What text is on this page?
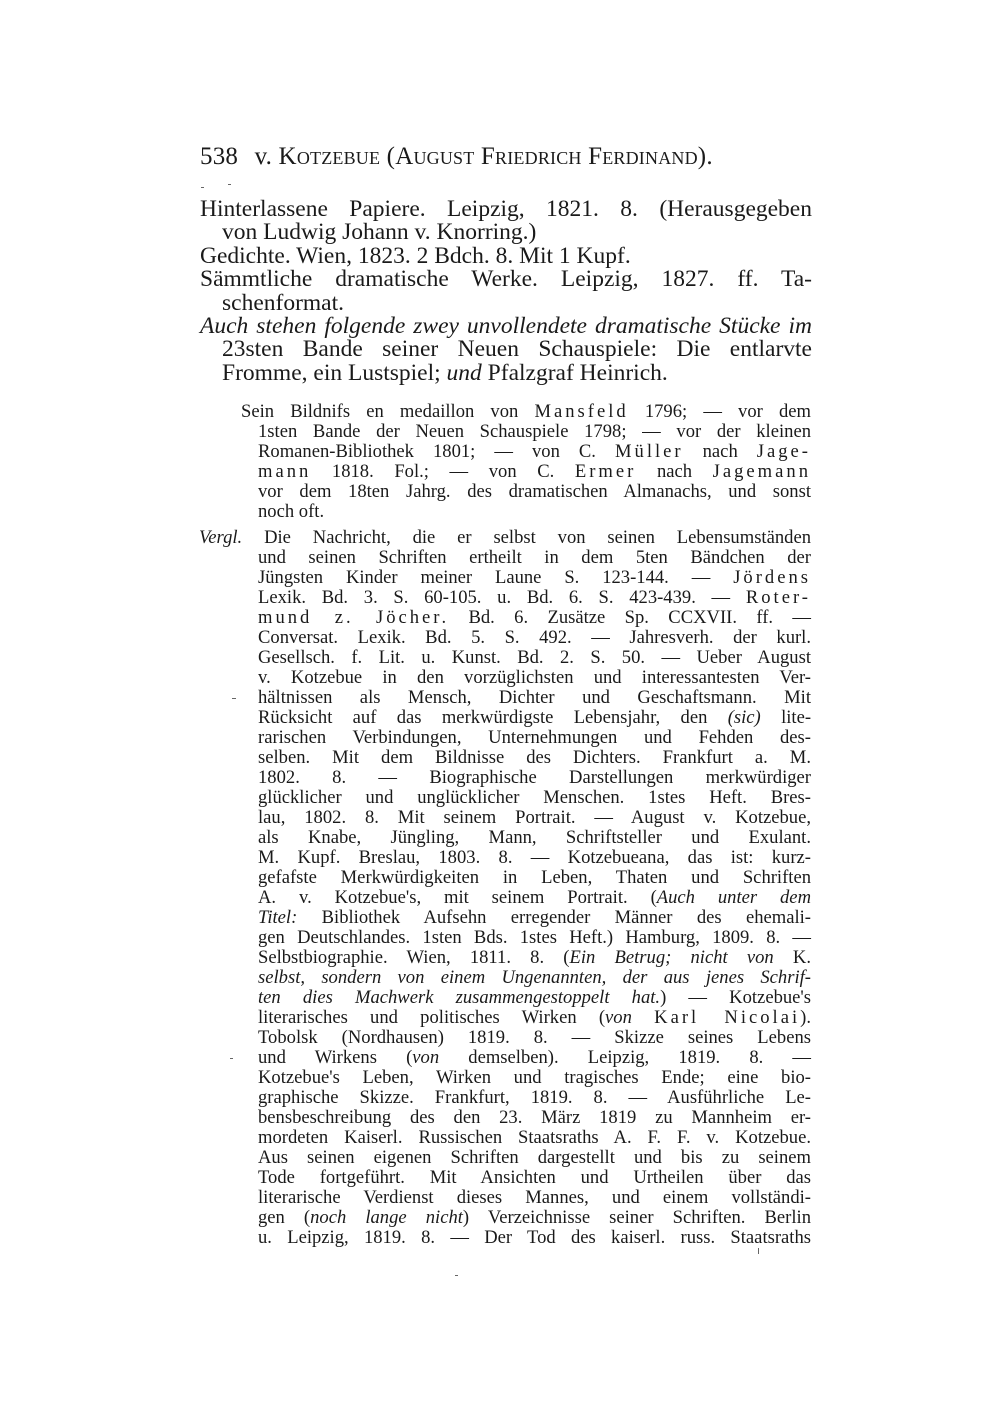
538 v. KOTZEBUE (AUGUST FRIEDRICH FERDINAND).
Hinterlassene Papiere. Leipzig, 1821. 8. (Herausgegeben
von Ludwig Johann v. Knorring.)
Gedichte. Wien, 1823. 2 Bdch. 8. Mit 1 Kupf.
Sämmtliche dramatische Werke. Leipzig, 1827. ff. Ta-
schenformat.
Auch stehen folgende zwey unvollendete dramatische Stücke im
23sten Bande seiner Neuen Schauspiele: Die entlarvte
Fromme, ein Lustspiel; und Pfalzgraf Heinrich.
Sein Bildnifs en medaillon von Mansfeld 1796; — vor dem
1sten Bande der Neuen Schauspiele 1798; — vor der kleinen
Romanen-Bibliothek 1801; — von C. Müller nach Jage-
mann 1818. Fol.; — von C. Ermer nach Jagemann
vor dem 18ten Jahrg. des dramatischen Almanachs, und sonst
noch oft.
Vergl. Die Nachricht, die er selbst von seinen Lebensumständen
und seinen Schriften ertheilt in dem 5ten Bändchen der
Jüngsten Kinder meiner Laune S. 123-144. — Jördens
Lexik. Bd. 3. S. 60-105. u. Bd. 6. S. 423-439. — Roter-
mund z. Jöcher. Bd. 6. Zusätze Sp. CCXVII. ff. —
Conversat. Lexik. Bd. 5. S. 492. — Jahresverh. der kurl.
Gesellsch. f. Lit. u. Kunst. Bd. 2. S. 50. — Ueber August
v. Kotzebue in den vorzüglichsten und interessantesten Ver-
hältnissen als Mensch, Dichter und Geschaftsmann. Mit
Rücksicht auf das merkwürdigste Lebensjahr, den (sic) lite-
rarischen Verbindungen, Unternehmungen und Fehden des-
selben. Mit dem Bildnisse des Dichters. Frankfurt a. M.
1802. 8. — Biographische Darstellungen merkwürdiger
glücklicher und unglücklicher Menschen. 1stes Heft. Bres-
lau, 1802. 8. Mit seinem Portrait. — August v. Kotzebue,
als Knabe, Jüngling, Mann, Schriftsteller und Exulant.
M. Kupf. Breslau, 1803. 8. — Kotzebueana, das ist: kurz-
gefafste Merkwürdigkeiten in Leben, Thaten und Schriften
A. v. Kotzebue's, mit seinem Portrait. (Auch unter dem
Titel: Bibliothek Aufsehn erregender Männer des ehemali-
gen Deutschlandes. 1sten Bds. 1stes Heft.) Hamburg, 1809. 8. —
Selbstbiographie. Wien, 1811. 8. (Ein Betrug; nicht von K.
selbst, sondern von einem Ungenannten, der aus jenes Schrif-
ten dies Machwerk zusammengestoppelt hat.) — Kotzebue's
literarisches und politisches Wirken (von Karl Nicolai).
Tobolsk (Nordhausen) 1819. 8. — Skizze seines Lebens
und Wirkens (von demselben). Leipzig, 1819. 8. —
Kotzebue's Leben, Wirken und tragisches Ende; eine bio-
graphische Skizze. Frankfurt, 1819. 8. — Ausführliche Le-
bensbeschreibung des den 23. März 1819 zu Mannheim er-
mordeten Kaiserl. Russischen Staatsraths A. F. F. v. Kotzebue.
Aus seinen eigenen Schriften dargestellt und bis zu seinem
Tode fortgeführt. Mit Ansichten und Urtheilen über das
literarische Verdienst dieses Mannes, und einem vollständi-
gen (noch lange nicht) Verzeichnisse seiner Schriften. Berlin
u. Leipzig, 1819. 8. — Der Tod des kaiserl. russ. Staatsraths
